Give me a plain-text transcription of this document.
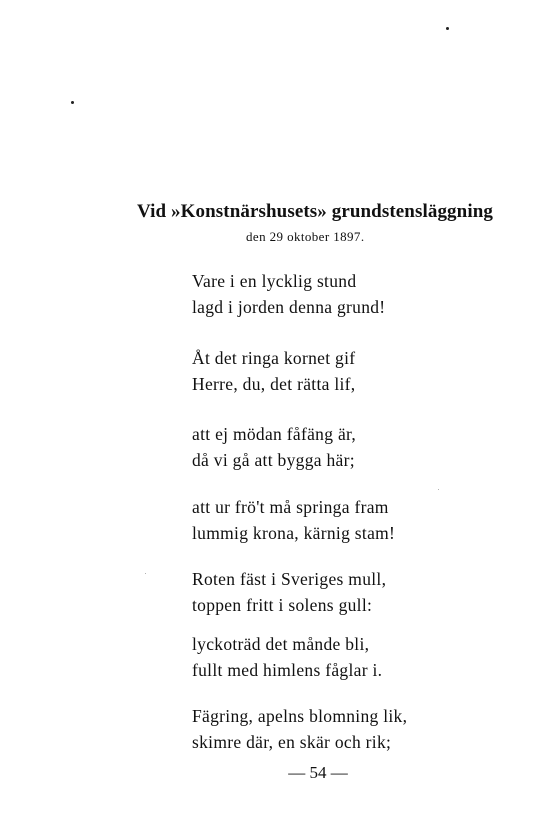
Vid »Konstnärshusets» grundstensläggning
den 29 oktober 1897.
Vare i en lycklig stund
lagd i jorden denna grund!
Åt det ringa kornet gif
Herre, du, det rätta lif,
att ej mödan fåfäng är,
då vi gå att bygga här;
att ur frö't må springa fram
lummig krona, kärnig stam!
Roten fäst i Sveriges mull,
toppen fritt i solens gull:
lyckoträd det månde bli,
fullt med himlens fåglar i.
Fägring, apelns blomning lik,
skimre där, en skär och rik;
— 54 —
